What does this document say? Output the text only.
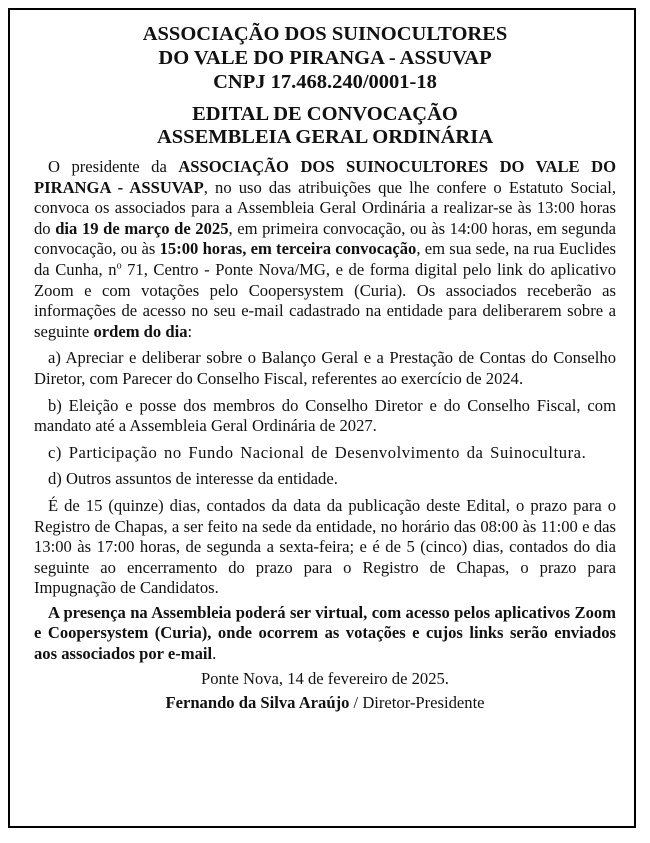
ASSOCIAÇÃO DOS SUINOCULTORES

DO VALE DO PIRANGA - ASSUVAP

CNPJ 17.468.240/0001-18

EDITAL DE CONVOCAÇÃO

ASSEMBLEIA GERAL ORDINÁRIA

O presidente da ASSOCIAÇÃO DOS SUINOCULTORES DO VALE DO PIRANGA - ASSUVAP, no uso das atribuições que lhe confere o Estatuto Social, convoca os associados para a Assembleia Geral Ordinária a realizar-se às 13:00 horas do dia 19 de março de 2025, em primeira convocação, ou às 14:00 horas, em segunda convocação, ou às 15:00 horas, em terceira convocação, em sua sede, na rua Euclides da Cunha, $n^o$ 71, Centro - Ponte Nova/MG, e de forma digital pelo link do aplicativo Zoom e com votações pelo Coopersystem (Curia). Os associados receberão as informações de acesso no seu e-mail cadastrado na entidade para deliberarem sobre a seguinte ordem do dia:

a) Apreciar e deliberar sobre o Balanço Geral e a Prestação de Contas do Conselho Diretor, com Parecer do Conselho Fiscal, referentes ao exercício de 2024.

b) Eleição e posse dos membros do Conselho Diretor e do Conselho Fiscal, com mandato até a Assembleia Geral Ordinária de 2027.

c) Participação no Fundo Nacional de Desenvolvimento da Suinocultura.

d) Outros assuntos de interesse da entidade.

É de 15 (quinze) dias, contados da data da publicação deste Edital, o prazo para o Registro de Chapas, a ser feito na sede da entidade, no horário das 08:00 às 11:00 e das 13:00 às 17:00 horas, de segunda a sexta-feira; e é de 5 (cinco) dias, contados do dia seguinte ao encerramento do prazo para o Registro de Chapas, o prazo para Impugnação de Candidatos.

A presença na Assembleia poderá ser virtual, com acesso pelos aplicativos Zoom e Coopersystem (Curia), onde ocorrem as votações e cujos links serão enviados aos associados por e-mail.

Ponte Nova, 14 de fevereiro de 2025.

Fernando da Silva Araújo / Diretor-Presidente
